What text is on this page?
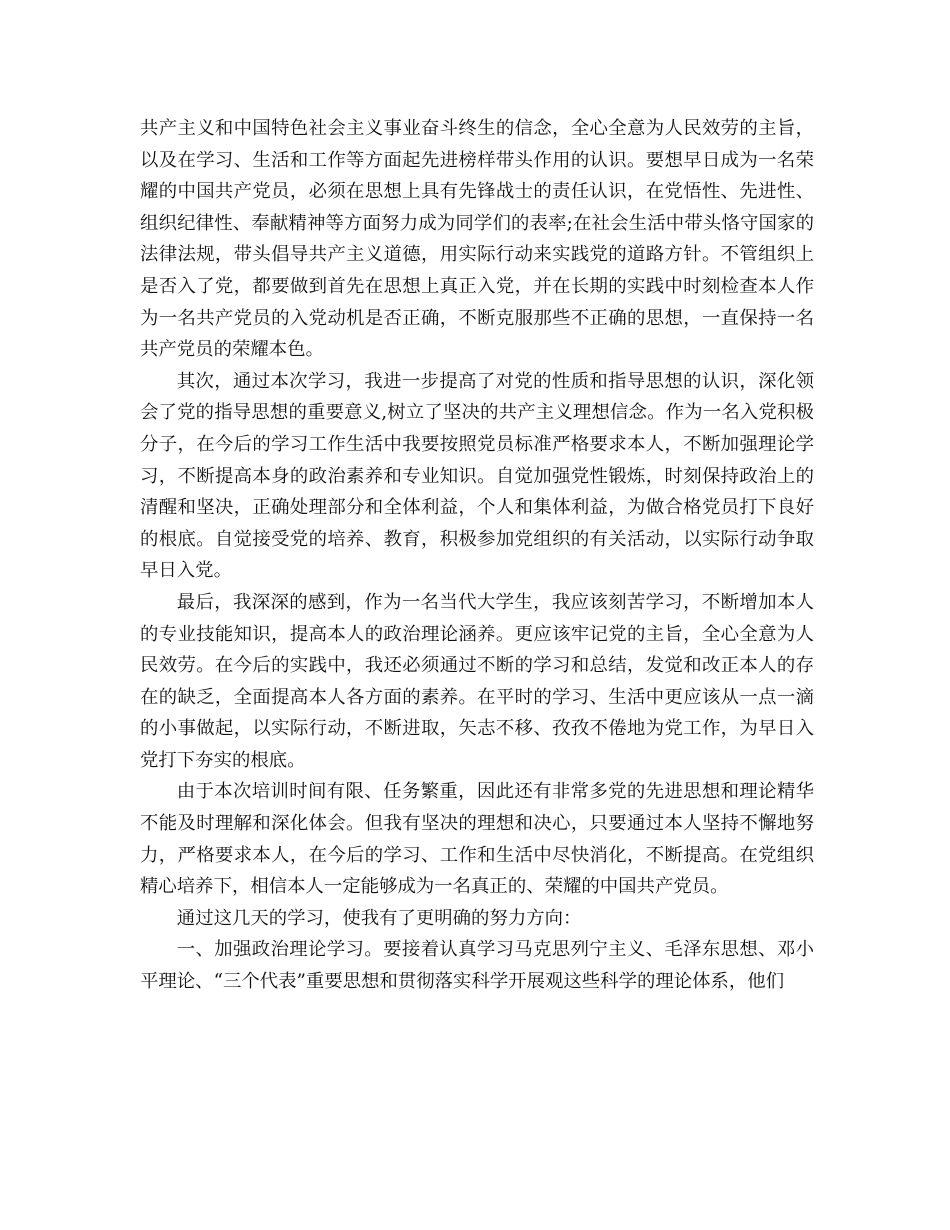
共产主义和中国特色社会主义事业奋斗终生的信念，全心全意为人民效劳的主旨，以及在学习、生活和工作等方面起先进榜样带头作用的认识。要想早日成为一名荣耀的中国共产党员，必须在思想上具有先锋战士的责任认识，在党悟性、先进性、组织纪律性、奉献精神等方面努力成为同学们的表率;在社会生活中带头恪守国家的法律法规，带头倡导共产主义道德，用实际行动来实践党的道路方针。不管组织上是否入了党，都要做到首先在思想上真正入党，并在长期的实践中时刻检查本人作为一名共产党员的入党动机是否正确，不断克服那些不正确的思想，一直保持一名共产党员的荣耀本色。

其次，通过本次学习，我进一步提高了对党的性质和指导思想的认识，深化领会了党的指导思想的重要意义,树立了坚决的共产主义理想信念。作为一名入党积极分子，在今后的学习工作生活中我要按照党员标准严格要求本人，不断加强理论学习，不断提高本身的政治素养和专业知识。自觉加强党性锻炼，时刻保持政治上的清醒和坚决，正确处理部分和全体利益，个人和集体利益，为做合格党员打下良好的根底。自觉接受党的培养、教育，积极参加党组织的有关活动，以实际行动争取早日入党。

最后，我深深的感到，作为一名当代大学生，我应该刻苦学习，不断增加本人的专业技能知识，提高本人的政治理论涵养。更应该牢记党的主旨，全心全意为人民效劳。在今后的实践中，我还必须通过不断的学习和总结，发觉和改正本人的存在的缺乏，全面提高本人各方面的素养。在平时的学习、生活中更应该从一点一滴的小事做起，以实际行动，不断进取，矢志不移、孜孜不倦地为党工作，为早日入党打下夯实的根底。

由于本次培训时间有限、任务繁重，因此还有非常多党的先进思想和理论精华不能及时理解和深化体会。但我有坚决的理想和决心，只要通过本人坚持不懈地努力，严格要求本人，在今后的学习、工作和生活中尽快消化，不断提高。在党组织精心培养下，相信本人一定能够成为一名真正的、荣耀的中国共产党员。

通过这几天的学习，使我有了更明确的努力方向：

一、加强政治理论学习。要接着认真学习马克思列宁主义、毛泽东思想、邓小平理论、“三个代表”重要思想和贯彻落实科学开展观这些科学的理论体系，他们
